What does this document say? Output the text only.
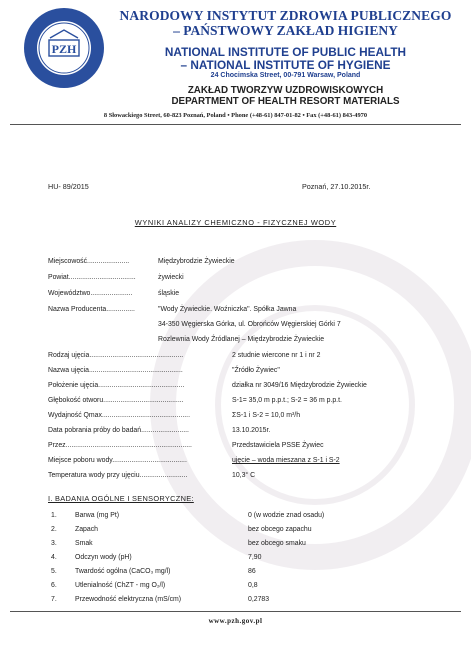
PZH
NARODOWY INSTYTUT ZDROWIA PUBLICZNEGO
– PAŃSTWOWY ZAKŁAD HIGIENY
NATIONAL INSTITUTE OF PUBLIC HEALTH
– NATIONAL INSTITUTE OF HYGIENE
24 Chocimska Street, 00-791 Warsaw, Poland
ZAKŁAD TWORZYW UZDROWISKOWYCH
DEPARTMENT OF HEALTH RESORT MATERIALS
8 Słowackiego Street, 60-823 Poznań, Poland • Phone (+48-61) 847-01-82 • Fax (+48-61) 843-4970
HU- 89/2015	Poznań, 27.10.2015r.
WYNIKI ANALIZY CHEMICZNO - FIZYCZNEJ WODY
Miejscowość......................	Międzybrodzie Żywieckie
Powiat...................................	żywiecki
Województwo......................	śląskie
Nazwa Producenta...............	"Wody Żywieckie. Woźniczka". Spółka Jawna
34-350 Węgierska Górka, ul. Obrońców Węgierskiej Górki 7
Rozlewnia Wody Źródlanej – Międzybrodzie Żywieckie
Rodzaj ujęcia.................................................	2 studnie wiercone nr 1 i nr 2
Nazwa ujęcia.................................................	"Źródło Żywiec"
Położenie ujęcia.............................................	działka nr 3049/16 Międzybrodzie Żywieckie
Głębokość otworu..........................................	S-1= 35,0 m p.p.t.; S-2 = 36 m p.p.t.
Wydajność Qmax..............................................	ΣS-1 i S-2 = 10,0 m³/h
Data pobrania próby do badań.........................	13.10.2015r.
Przez..................................................................	Przedstawiciela PSSE Żywiec
Miejsce poboru wody.......................................	ujęcie – woda mieszana z S-1 i S-2
Temperatura wody przy ujęciu.........................	10,3° C
I. BADANIA OGÓLNE I SENSORYCZNE:
1.	Barwa (mg Pt)	0 (w wodzie znad osadu)
2.	Zapach	bez obcego zapachu
3.	Smak	bez obcego smaku
4.	Odczyn wody (pH)	7,90
5.	Twardość ogólna (CaCO₃ mg/l)	86
6.	Utlenialność (ChZT - mg O₂/l)	0,8
7.	Przewodność elektryczna (mS/cm)	0,2783
www.pzh.gov.pl
